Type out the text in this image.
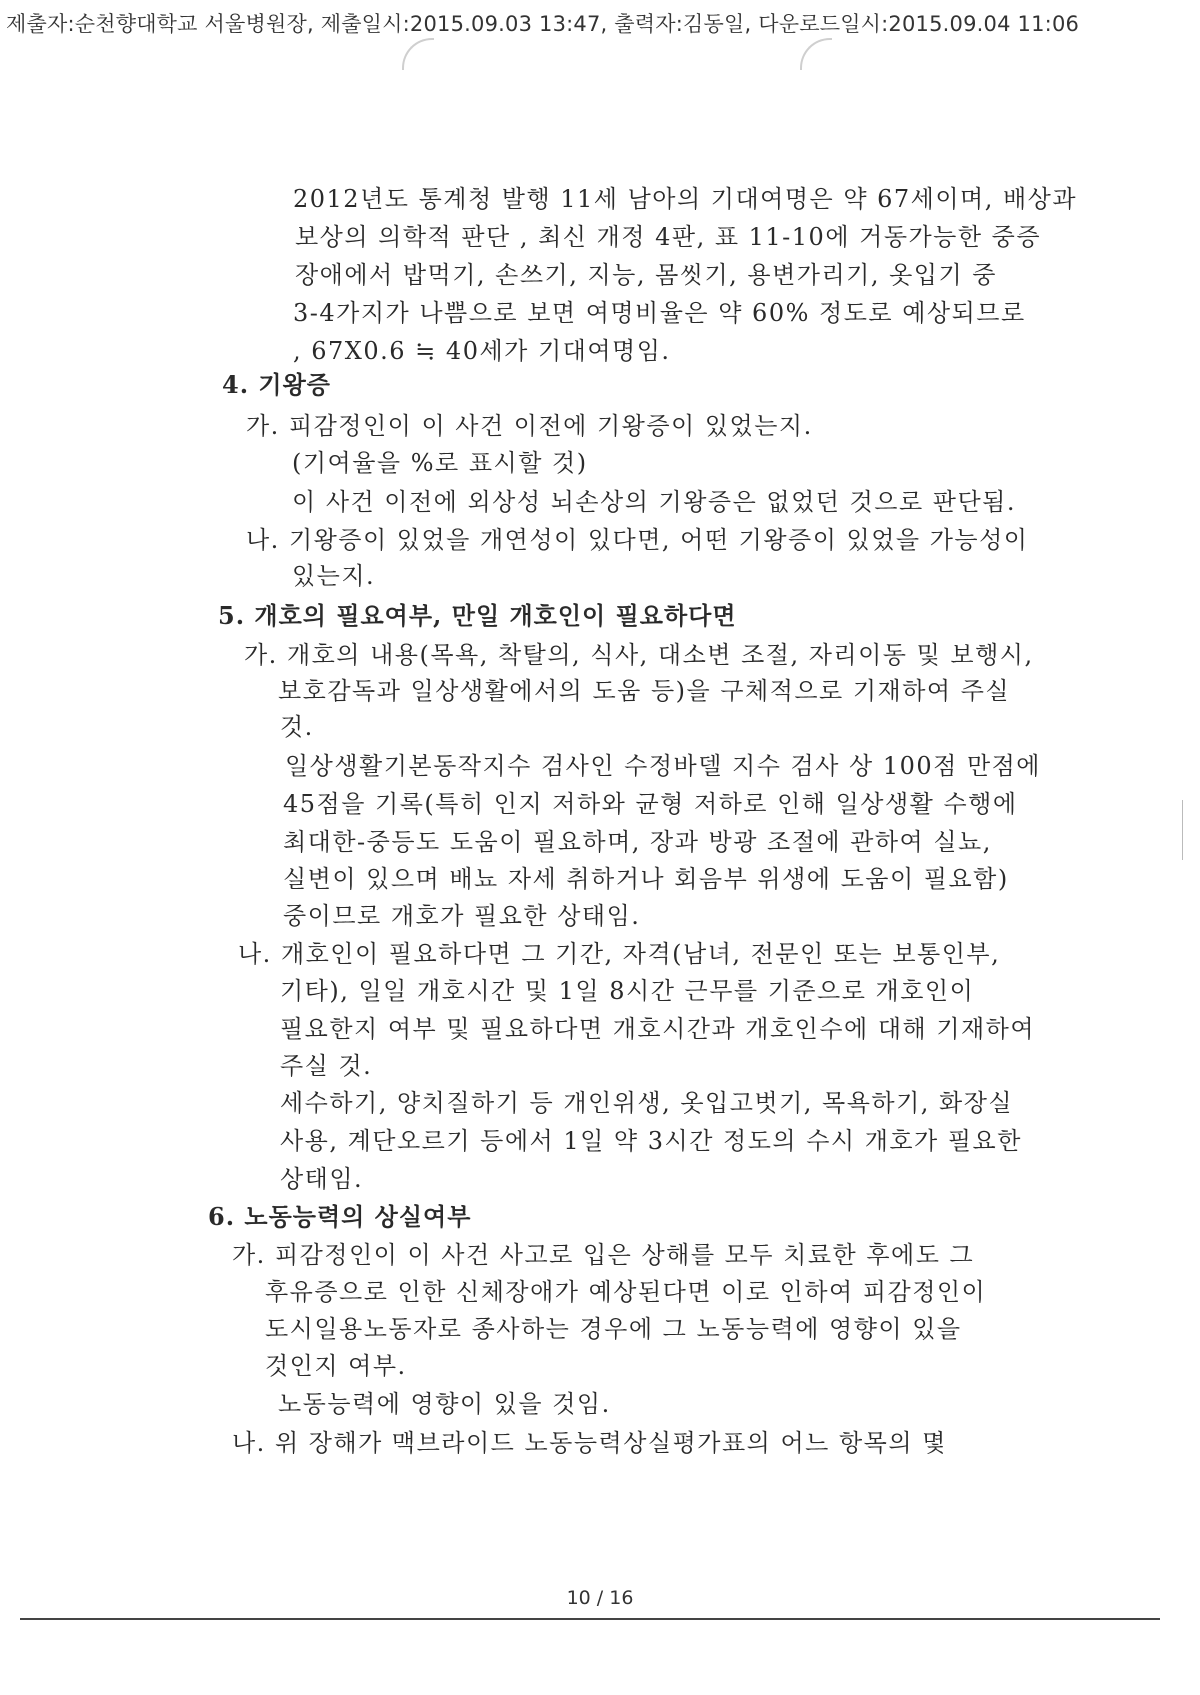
제출자:순천향대학교 서울병원장, 제출일시:2015.09.03 13:47, 출력자:김동일, 다운로드일시:2015.09.04 11:06
2012년도 통계청 발행 11세 남아의 기대여명은 약 67세이며, 배상과
보상의 의학적 판단 , 최신 개정 4판, 표 11-10에 거동가능한 중증
장애에서 밥먹기, 손쓰기, 지능, 몸씻기, 용변가리기, 옷입기 중
3-4가지가 나쁨으로 보면 여명비율은 약 60% 정도로 예상되므로
, 67X0.6 ≒ 40세가 기대여명임.
4. 기왕증
가. 피감정인이 이 사건 이전에 기왕증이 있었는지.
(기여율을 %로 표시할 것)
이 사건 이전에 외상성 뇌손상의 기왕증은 없었던 것으로 판단됨.
나. 기왕증이 있었을 개연성이 있다면, 어떤 기왕증이 있었을 가능성이
있는지.
5. 개호의 필요여부, 만일 개호인이 필요하다면
가. 개호의 내용(목욕, 착탈의, 식사, 대소변 조절, 자리이동 및 보행시,
보호감독과 일상생활에서의 도움 등)을 구체적으로 기재하여 주실
것.
일상생활기본동작지수 검사인 수정바델 지수 검사 상 100점 만점에
45점을 기록(특히 인지 저하와 균형 저하로 인해 일상생활 수행에
최대한-중등도 도움이 필요하며, 장과 방광 조절에 관하여 실뇨,
실변이 있으며 배뇨 자세 취하거나 회음부 위생에 도움이 필요함)
중이므로 개호가 필요한 상태임.
나. 개호인이 필요하다면 그 기간, 자격(남녀, 전문인 또는 보통인부,
기타), 일일 개호시간 및 1일 8시간 근무를 기준으로 개호인이
필요한지 여부 및 필요하다면 개호시간과 개호인수에 대해 기재하여
주실 것.
세수하기, 양치질하기 등 개인위생, 옷입고벗기, 목욕하기, 화장실
사용, 계단오르기 등에서 1일 약 3시간 정도의 수시 개호가 필요한
상태임.
6. 노동능력의 상실여부
가. 피감정인이 이 사건 사고로 입은 상해를 모두 치료한 후에도 그
후유증으로 인한 신체장애가 예상된다면 이로 인하여 피감정인이
도시일용노동자로 종사하는 경우에 그 노동능력에 영향이 있을
것인지 여부.
노동능력에 영향이 있을 것임.
나. 위 장해가 맥브라이드 노동능력상실평가표의 어느 항목의 몇
10 / 16
